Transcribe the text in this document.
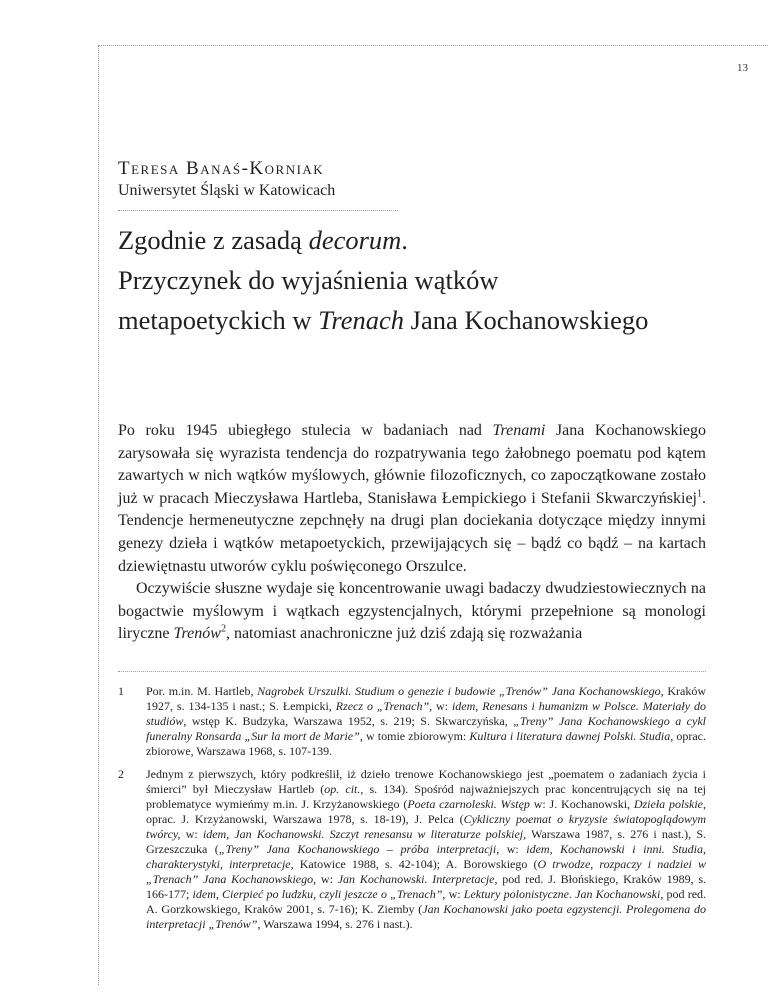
13
Teresa Banaś-Korniak
Uniwersytet Śląski w Katowicach
Zgodnie z zasadą decorum.
Przyczynek do wyjaśnienia wątków
metapoetyckich w Trenach Jana Kochanowskiego

Po roku 1945 ubiegłego stulecia w badaniach nad Trenami Jana Kochanowskiego zarysowała się wyrazista tendencja do rozpatrywania tego żałobnego poematu pod kątem zawartych w nich wątków myślowych, głównie filozoficznych, co zapoczątkowane zostało już w pracach Mieczysława Hartleba, Stanisława Łempickiego i Stefanii Skwarczyńskiej$^1$. Tendencje hermeneutyczne zepchnęły na drugi plan dociekania dotyczące między innymi genezy dzieła i wątków metapoetyckich, przewijających się – bądź co bądź – na kartach dziewiętnastu utworów cyklu poświęconego Orszulce.

Oczywiście słuszne wydaje się koncentrowanie uwagi badaczy dwudziestowiecznych na bogactwie myślowym i wątkach egzystencjalnych, którymi przepełnione są monologi liryczne Trenów$^2$, natomiast anachroniczne już dziś zdają się rozważania

1	Por. m.in. M. Hartleb, Nagrobek Urszulki. Studium o genezie i budowie „Trenów” Jana Kochanowskiego, Kraków 1927, s. 134-135 i nast.; S. Łempicki, Rzecz o „Trenach”, w: idem, Renesans i humanizm w Polsce. Materiały do studiów, wstęp K. Budzyka, Warszawa 1952, s. 219; S. Skwarczyńska, „Treny” Jana Kochanowskiego a cykl funeralny Ronsarda „Sur la mort de Marie”, w tomie zbiorowym: Kultura i literatura dawnej Polski. Studia, oprac. zbiorowe, Warszawa 1968, s. 107-139.
2	Jednym z pierwszych, który podkreślił, iż dzieło trenowe Kochanowskiego jest „poematem o zadaniach życia i śmierci” był Mieczysław Hartleb (op. cit., s. 134). Spośród najważniejszych prac koncentrujących się na tej problematyce wymieńmy m.in. J. Krzyżanowskiego (Poeta czarnoleski. Wstęp w: J. Kochanowski, Dzieła polskie, oprac. J. Krzyżanowski, Warszawa 1978, s. 18-19), J. Pelca (Cykliczny poemat o kryzysie światopoglądowym twórcy, w: idem, Jan Kochanowski. Szczyt renesansu w literaturze polskiej, Warszawa 1987, s. 276 i nast.), S. Grzeszczuka („Treny” Jana Kochanowskiego – próba interpretacji, w: idem, Kochanowski i inni. Studia, charakterystyki, interpretacje, Katowice 1988, s. 42-104); A. Borowskiego (O trwodze, rozpaczy i nadziei w „Trenach” Jana Kochanowskiego, w: Jan Kochanowski. Interpretacje, pod red. J. Błońskiego, Kraków 1989, s. 166-177; idem, Cierpieć po ludzku, czyli jeszcze o „Trenach”, w: Lektury polonistyczne. Jan Kochanowski, pod red. A. Gorzkowskiego, Kraków 2001, s. 7-16); K. Ziemby (Jan Kochanowski jako poeta egzystencji. Prolegomena do interpretacji „Trenów”, Warszawa 1994, s. 276 i nast.).
